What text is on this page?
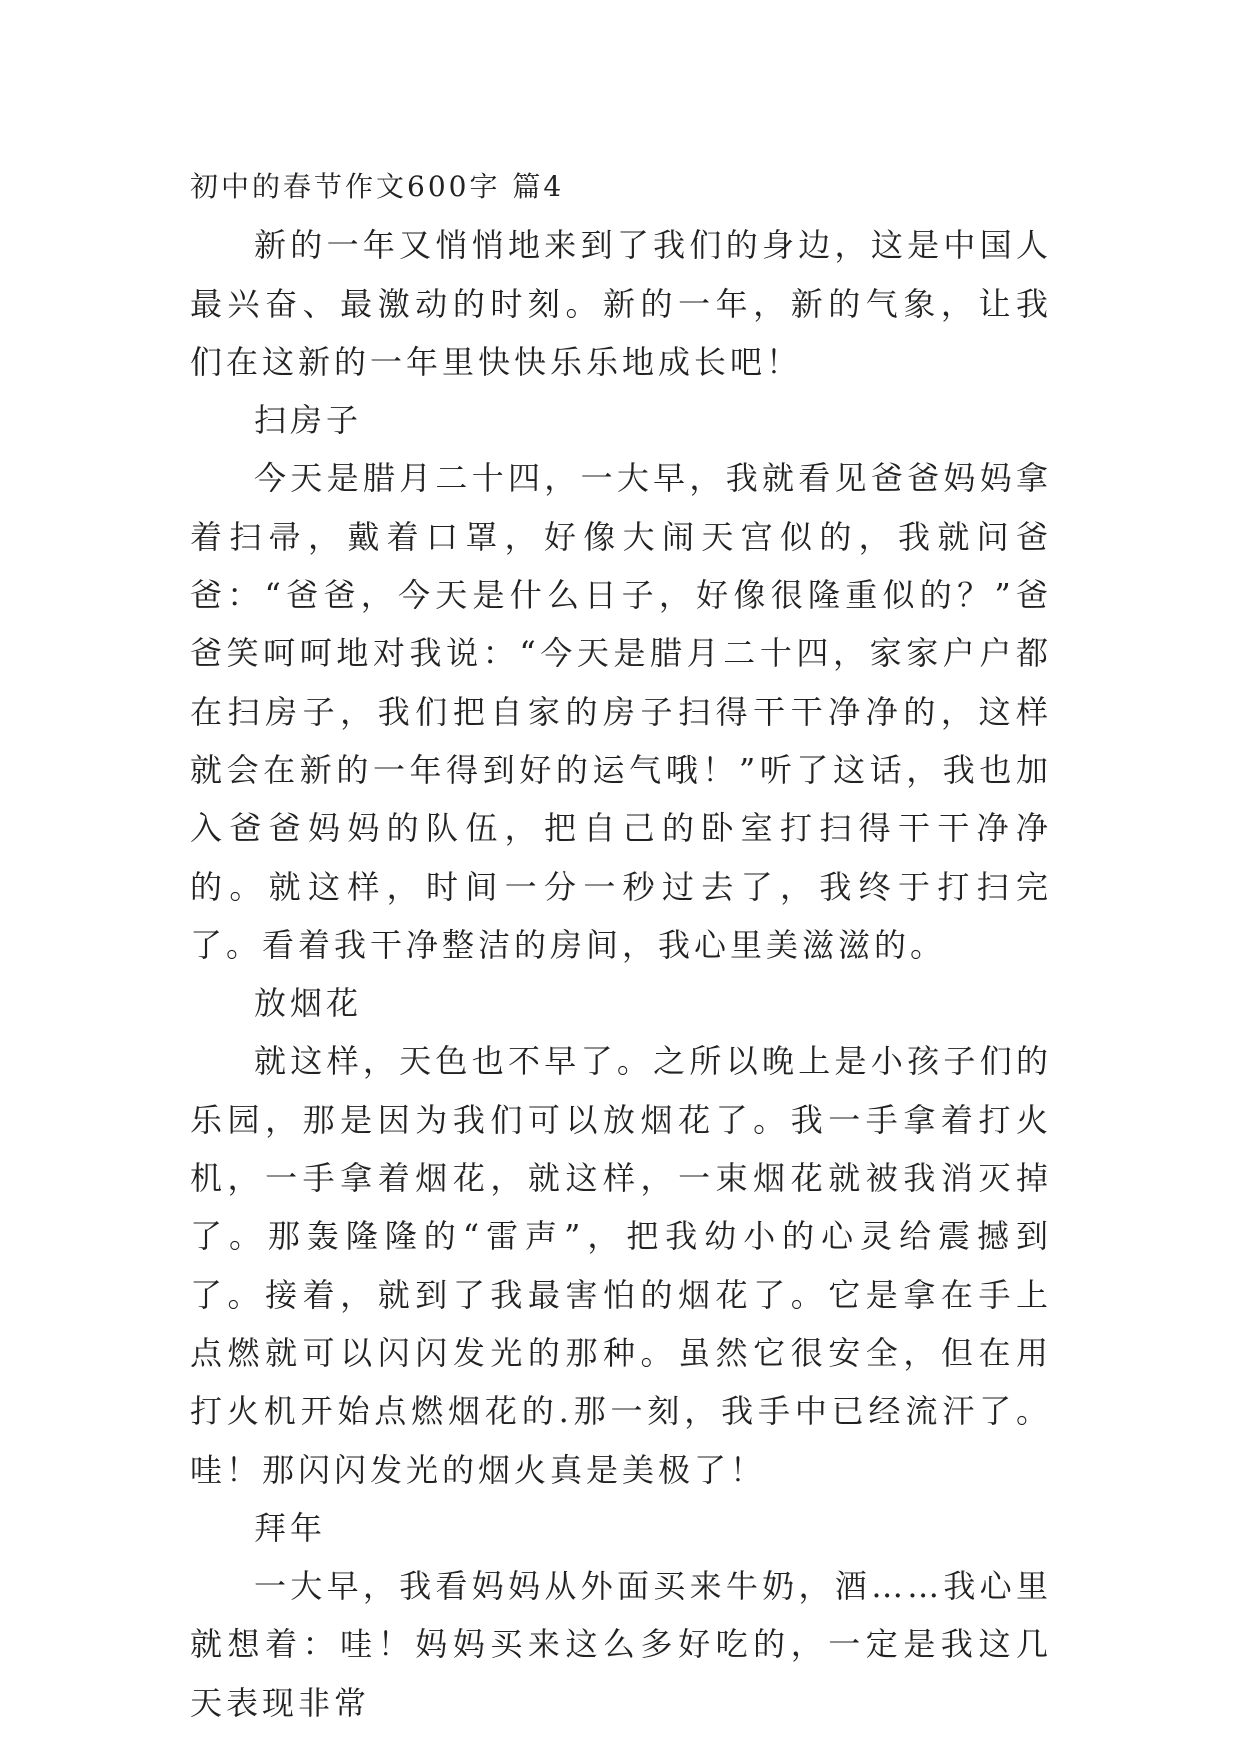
初中的春节作文600字 篇4

新的一年又悄悄地来到了我们的身边，这是中国人最兴奋、最激动的时刻。新的一年，新的气象，让我们在这新的一年里快快乐乐地成长吧！

扫房子

今天是腊月二十四，一大早，我就看见爸爸妈妈拿着扫帚，戴着口罩，好像大闹天宫似的，我就问爸爸：“爸爸，今天是什么日子，好像很隆重似的？”爸爸笑呵呵地对我说：“今天是腊月二十四，家家户户都在扫房子，我们把自家的房子扫得干干净净的，这样就会在新的一年得到好的运气哦！”听了这话，我也加入爸爸妈妈的队伍，把自己的卧室打扫得干干净净的。就这样，时间一分一秒过去了，我终于打扫完了。看着我干净整洁的房间，我心里美滋滋的。

放烟花

就这样，天色也不早了。之所以晚上是小孩子们的乐园，那是因为我们可以放烟花了。我一手拿着打火机，一手拿着烟花，就这样，一束烟花就被我消灭掉了。那轰隆隆的“雷声”，把我幼小的心灵给震撼到了。接着，就到了我最害怕的烟花了。它是拿在手上点燃就可以闪闪发光的那种。虽然它很安全，但在用打火机开始点燃烟花的.那一刻，我手中已经流汗了。哇！那闪闪发光的烟火真是美极了！

拜年

一大早，我看妈妈从外面买来牛奶，酒……我心里就想着：哇！妈妈买来这么多好吃的，一定是我这几天表现非常
